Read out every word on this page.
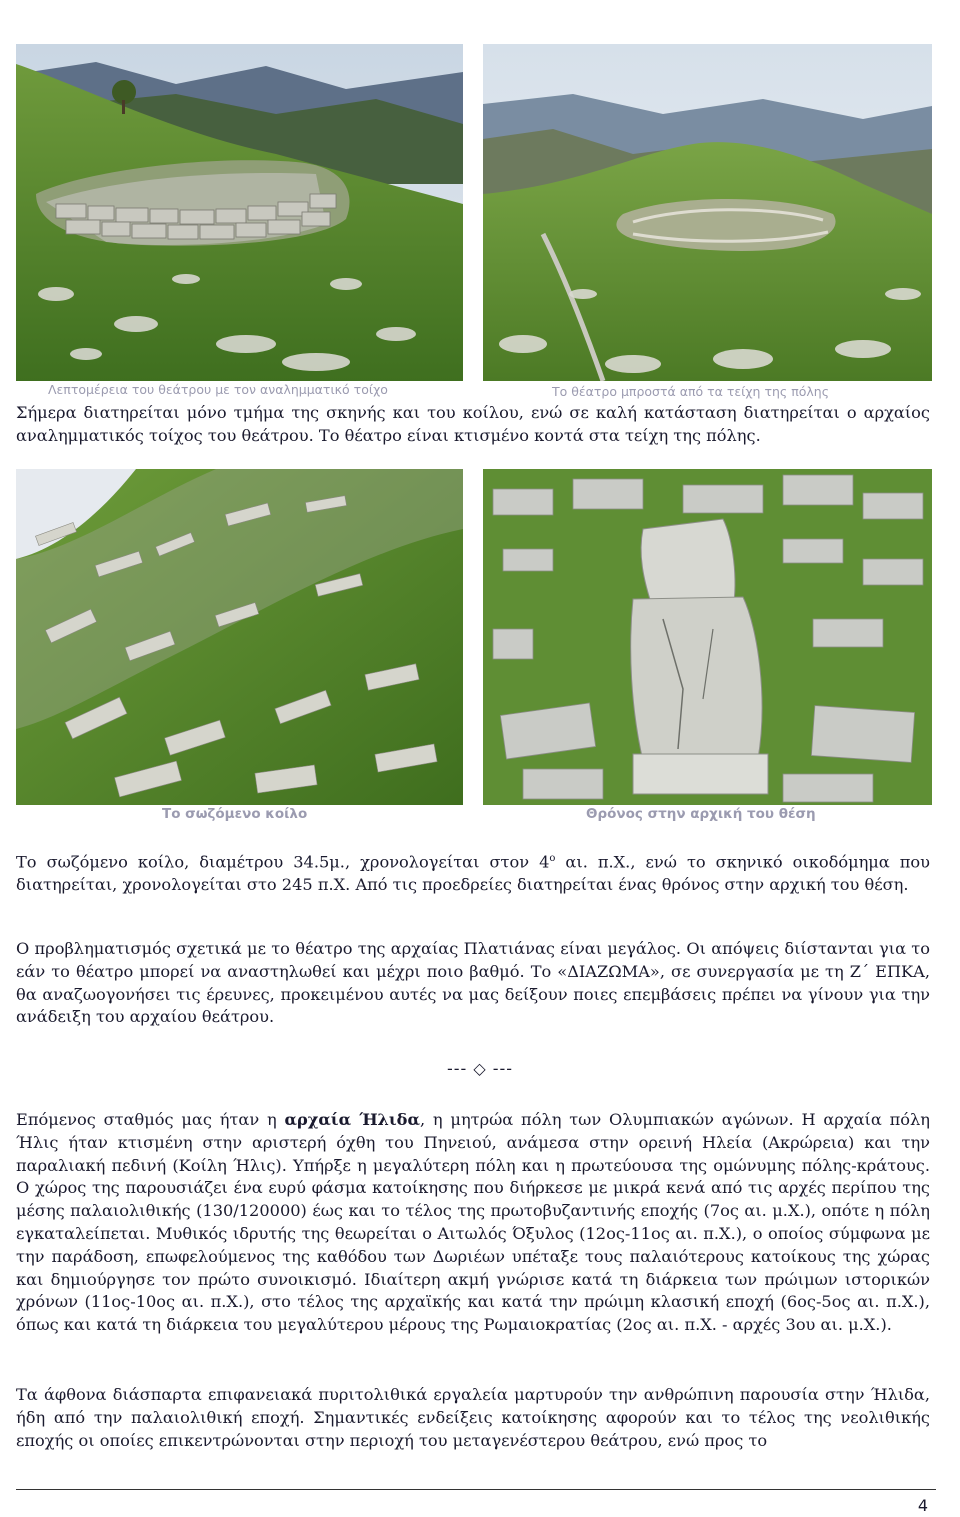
Λεπτομέρεια του θεάτρου με τον αναλημματικό τοίχο	Το θέατρο μπροστά από τα τείχη της πόλης
Σήμερα διατηρείται μόνο τμήμα της σκηνής και του κοίλου, ενώ σε καλή κατάσταση διατηρείται ο αρχαίος αναλημματικός τοίχος του θεάτρου. Το θέατρο είναι κτισμένο κοντά στα τείχη της πόλης.
Το σωζόμενο κοίλο	Θρόνος στην αρχική του θέση
Το σωζόμενο κοίλο, διαμέτρου 34.5μ., χρονολογείται στον $4^o$ αι. π.Χ., ενώ το σκηνικό οικοδόμημα που διατηρείται, χρονολογείται στο 245 π.Χ. Από τις προεδρείες διατηρείται ένας θρόνος στην αρχική του θέση.
Ο προβληματισμός σχετικά με το θέατρο της αρχαίας Πλατιάνας είναι μεγάλος. Οι απόψεις διίστανται για το εάν το θέατρο μπορεί να αναστηλωθεί και μέχρι ποιο βαθμό. Το «ΔΙΑΖΩΜΑ», σε συνεργασία με τη Ζ΄ ΕΠΚΑ, θα αναζωογονήσει τις έρευνες, προκειμένου αυτές να μας δείξουν ποιες επεμβάσεις πρέπει να γίνουν για την ανάδειξη του αρχαίου θεάτρου.
--- ◇ ---
Επόμενος σταθμός μας ήταν η αρχαία Ήλιδα, η μητρώα πόλη των Ολυμπιακών αγώνων. Η αρχαία πόλη Ήλις ήταν κτισμένη στην αριστερή όχθη του Πηνειού, ανάμεσα στην ορεινή Ηλεία (Ακρώρεια) και την παραλιακή πεδινή (Κοίλη Ήλις). Υπήρξε η μεγαλύτερη πόλη και η πρωτεύουσα της ομώνυμης πόλης-κράτους. Ο χώρος της παρουσιάζει ένα ευρύ φάσμα κατοίκησης που διήρκεσε με μικρά κενά από τις αρχές περίπου της μέσης παλαιολιθικής (130/120000) έως και το τέλος της πρωτοβυζαντινής εποχής (7ος αι. μ.Χ.), οπότε η πόλη εγκαταλείπεται. Μυθικός ιδρυτής της θεωρείται ο Αιτωλός Όξυλος (12ος-11ος αι. π.Χ.), ο οποίος σύμφωνα με την παράδοση, επωφελούμενος της καθόδου των Δωριέων υπέταξε τους παλαιότερους κατοίκους της χώρας και δημιούργησε τον πρώτο συνοικισμό. Ιδιαίτερη ακμή γνώρισε κατά τη διάρκεια των πρώιμων ιστορικών χρόνων (11ος-10ος αι. π.Χ.), στο τέλος της αρχαϊκής και κατά την πρώιμη κλασική εποχή (6ος-5ος αι. π.Χ.), όπως και κατά τη διάρκεια του μεγαλύτερου μέρους της Ρωμαιοκρατίας (2ος αι. π.Χ. - αρχές 3ου αι. μ.Χ.).
Τα άφθονα διάσπαρτα επιφανειακά πυριτολιθικά εργαλεία μαρτυρούν την ανθρώπινη παρουσία στην Ήλιδα, ήδη από την παλαιολιθική εποχή. Σημαντικές ενδείξεις κατοίκησης αφορούν και το τέλος της νεολιθικής εποχής οι οποίες επικεντρώνονται στην περιοχή του μεταγενέστερου θεάτρου, ενώ προς το
4
